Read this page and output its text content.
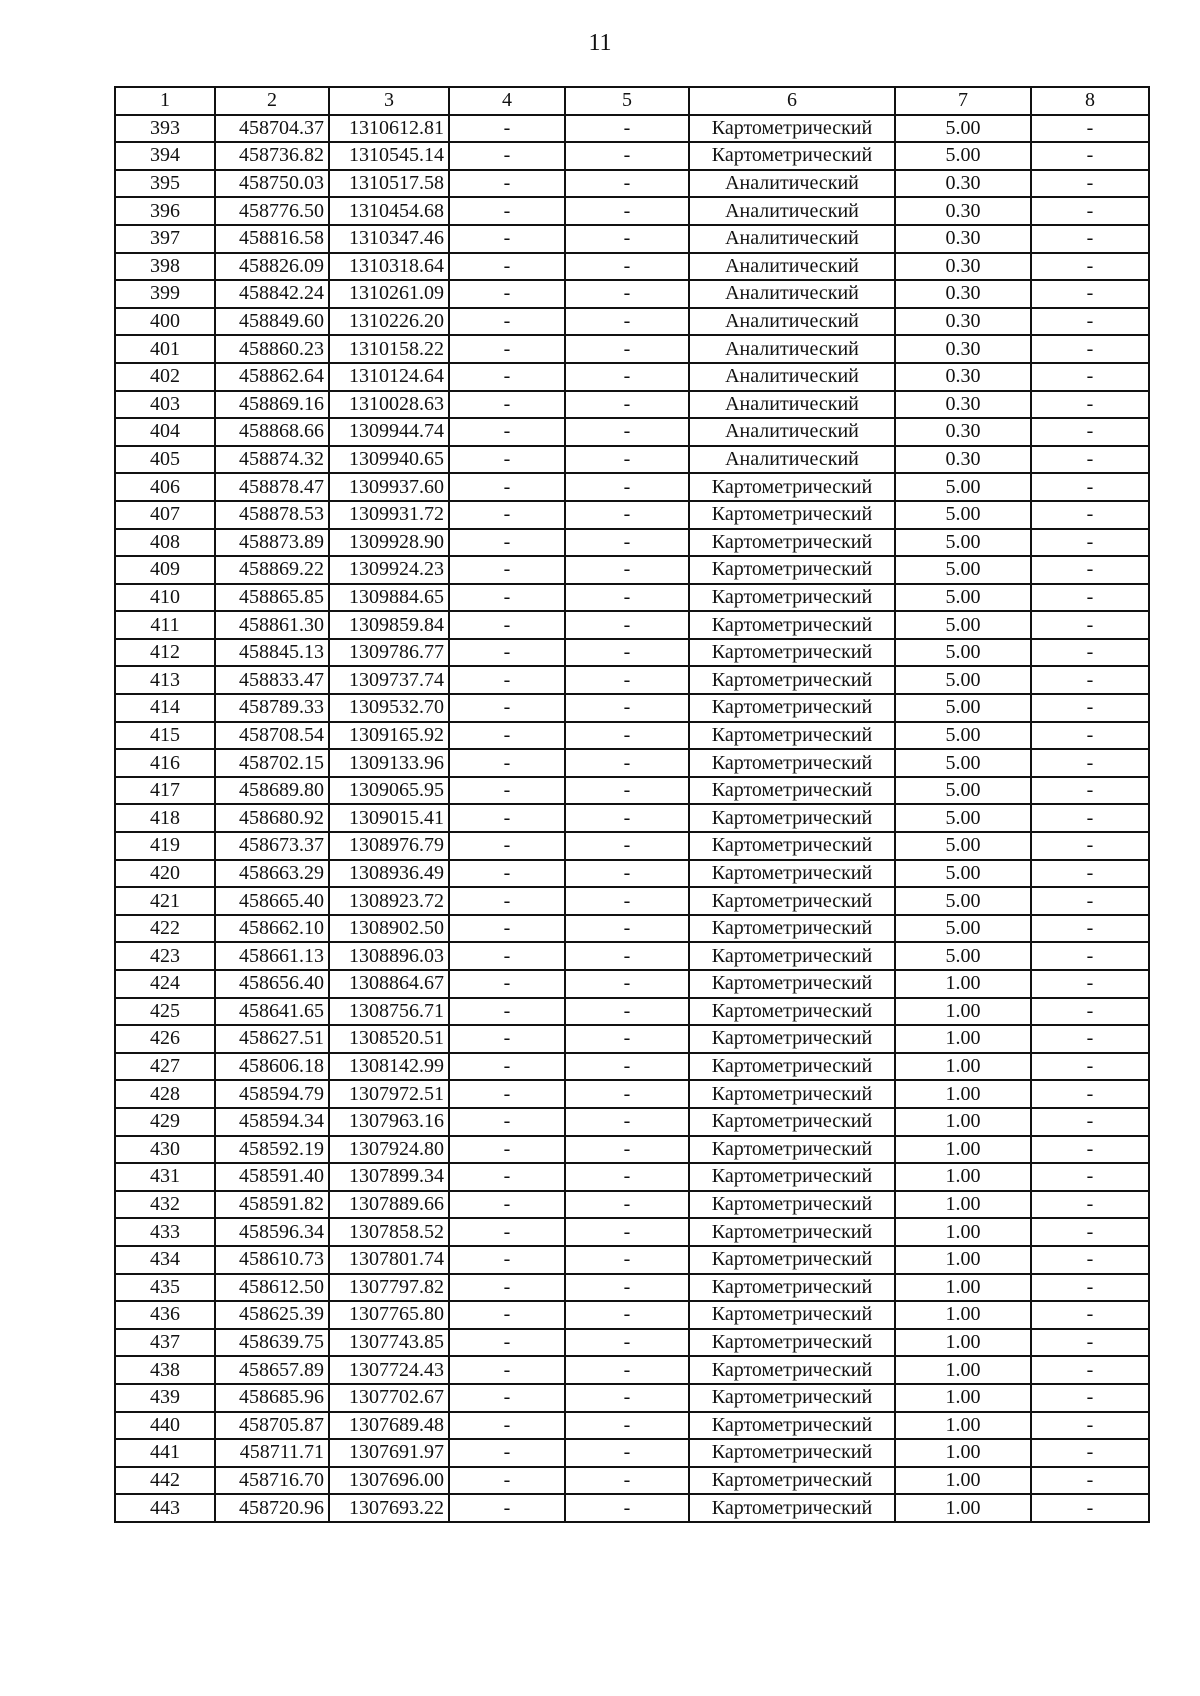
11
1	2	3	4	5	6	7	8
393	458704.37	1310612.81	-	-	Картометрический	5.00	-
394	458736.82	1310545.14	-	-	Картометрический	5.00	-
395	458750.03	1310517.58	-	-	Аналитический	0.30	-
396	458776.50	1310454.68	-	-	Аналитический	0.30	-
397	458816.58	1310347.46	-	-	Аналитический	0.30	-
398	458826.09	1310318.64	-	-	Аналитический	0.30	-
399	458842.24	1310261.09	-	-	Аналитический	0.30	-
400	458849.60	1310226.20	-	-	Аналитический	0.30	-
401	458860.23	1310158.22	-	-	Аналитический	0.30	-
402	458862.64	1310124.64	-	-	Аналитический	0.30	-
403	458869.16	1310028.63	-	-	Аналитический	0.30	-
404	458868.66	1309944.74	-	-	Аналитический	0.30	-
405	458874.32	1309940.65	-	-	Аналитический	0.30	-
406	458878.47	1309937.60	-	-	Картометрический	5.00	-
407	458878.53	1309931.72	-	-	Картометрический	5.00	-
408	458873.89	1309928.90	-	-	Картометрический	5.00	-
409	458869.22	1309924.23	-	-	Картометрический	5.00	-
410	458865.85	1309884.65	-	-	Картометрический	5.00	-
411	458861.30	1309859.84	-	-	Картометрический	5.00	-
412	458845.13	1309786.77	-	-	Картометрический	5.00	-
413	458833.47	1309737.74	-	-	Картометрический	5.00	-
414	458789.33	1309532.70	-	-	Картометрический	5.00	-
415	458708.54	1309165.92	-	-	Картометрический	5.00	-
416	458702.15	1309133.96	-	-	Картометрический	5.00	-
417	458689.80	1309065.95	-	-	Картометрический	5.00	-
418	458680.92	1309015.41	-	-	Картометрический	5.00	-
419	458673.37	1308976.79	-	-	Картометрический	5.00	-
420	458663.29	1308936.49	-	-	Картометрический	5.00	-
421	458665.40	1308923.72	-	-	Картометрический	5.00	-
422	458662.10	1308902.50	-	-	Картометрический	5.00	-
423	458661.13	1308896.03	-	-	Картометрический	5.00	-
424	458656.40	1308864.67	-	-	Картометрический	1.00	-
425	458641.65	1308756.71	-	-	Картометрический	1.00	-
426	458627.51	1308520.51	-	-	Картометрический	1.00	-
427	458606.18	1308142.99	-	-	Картометрический	1.00	-
428	458594.79	1307972.51	-	-	Картометрический	1.00	-
429	458594.34	1307963.16	-	-	Картометрический	1.00	-
430	458592.19	1307924.80	-	-	Картометрический	1.00	-
431	458591.40	1307899.34	-	-	Картометрический	1.00	-
432	458591.82	1307889.66	-	-	Картометрический	1.00	-
433	458596.34	1307858.52	-	-	Картометрический	1.00	-
434	458610.73	1307801.74	-	-	Картометрический	1.00	-
435	458612.50	1307797.82	-	-	Картометрический	1.00	-
436	458625.39	1307765.80	-	-	Картометрический	1.00	-
437	458639.75	1307743.85	-	-	Картометрический	1.00	-
438	458657.89	1307724.43	-	-	Картометрический	1.00	-
439	458685.96	1307702.67	-	-	Картометрический	1.00	-
440	458705.87	1307689.48	-	-	Картометрический	1.00	-
441	458711.71	1307691.97	-	-	Картометрический	1.00	-
442	458716.70	1307696.00	-	-	Картометрический	1.00	-
443	458720.96	1307693.22	-	-	Картометрический	1.00	-
